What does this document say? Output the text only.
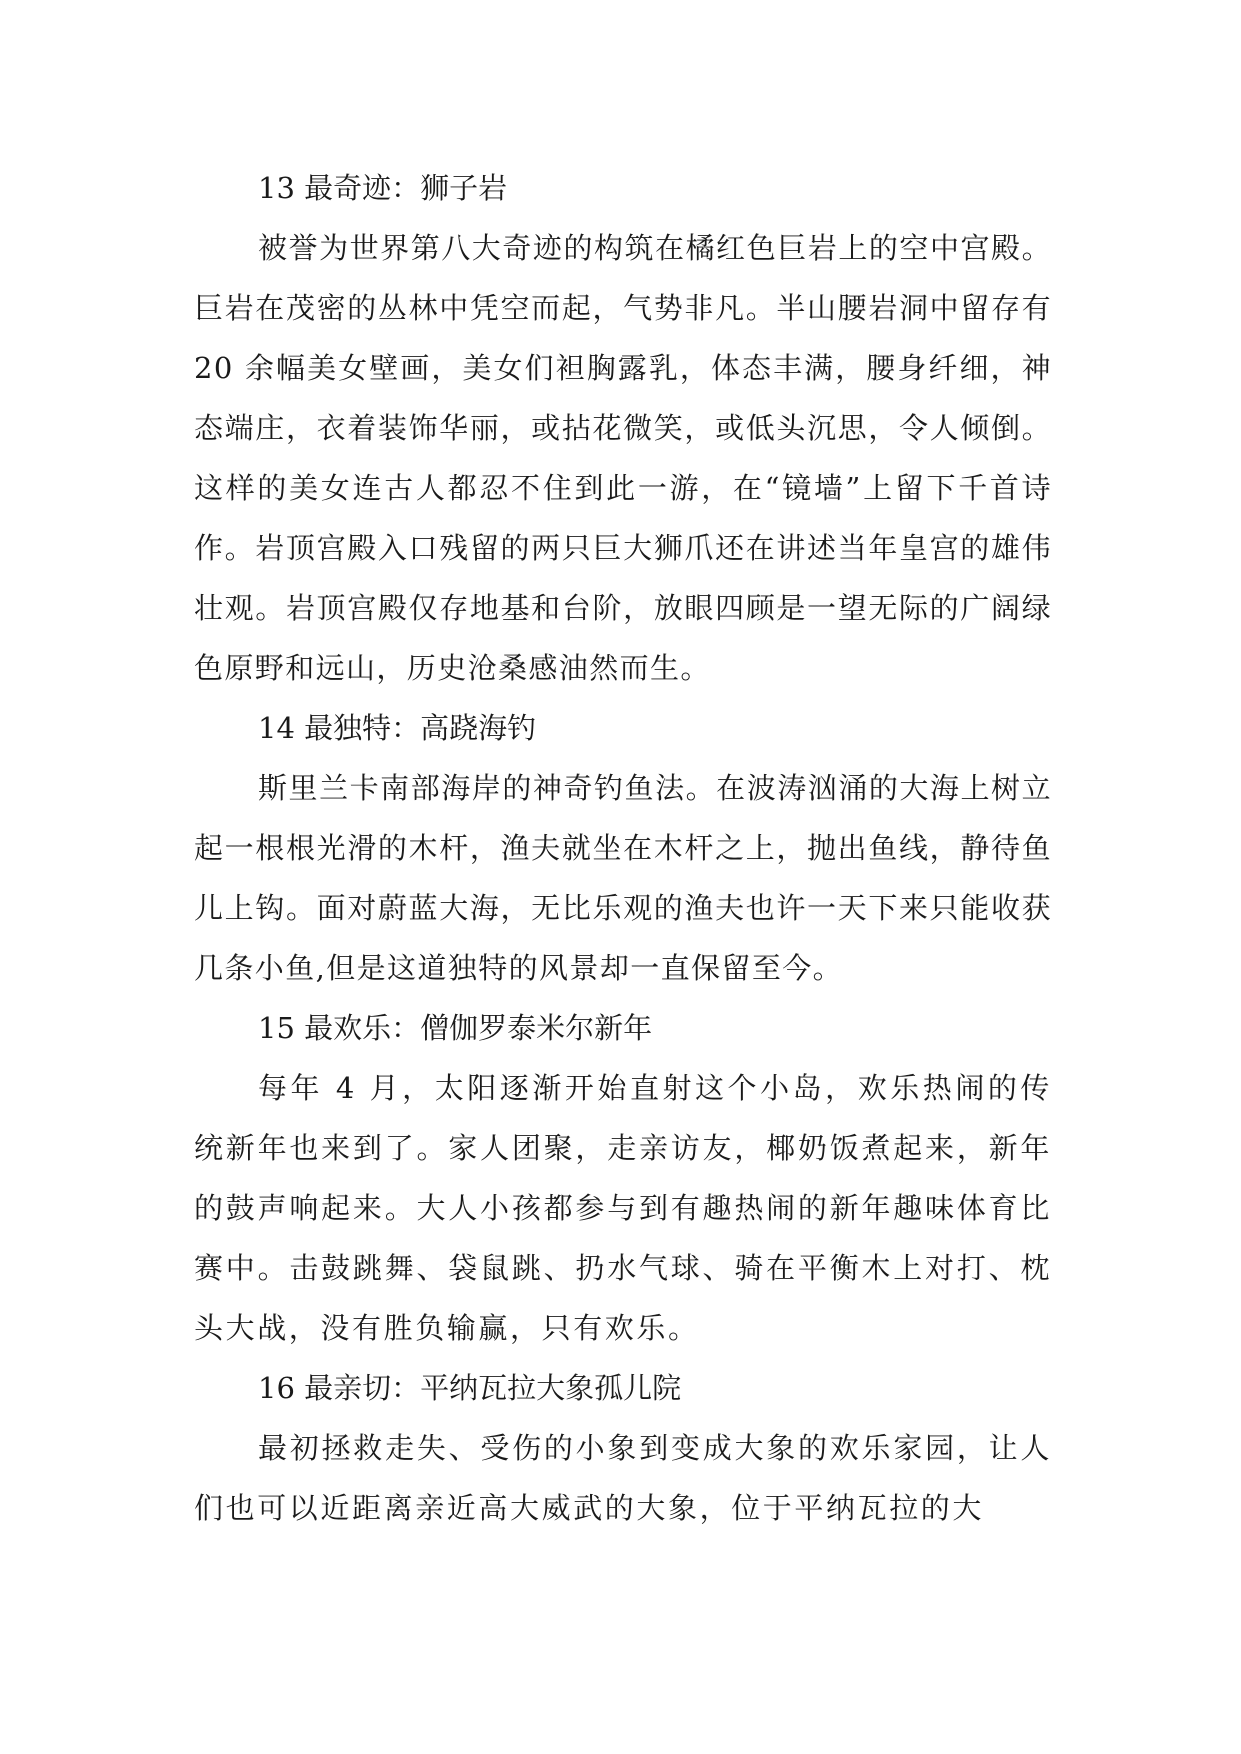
13 最奇迹：狮子岩

被誉为世界第八大奇迹的构筑在橘红色巨岩上的空中宫殿。巨岩在茂密的丛林中凭空而起，气势非凡。半山腰岩洞中留存有 20 余幅美女壁画，美女们袒胸露乳，体态丰满，腰身纤细，神态端庄，衣着装饰华丽，或拈花微笑，或低头沉思，令人倾倒。这样的美女连古人都忍不住到此一游，在“镜墙”上留下千首诗作。岩顶宫殿入口残留的两只巨大狮爪还在讲述当年皇宫的雄伟壮观。岩顶宫殿仅存地基和台阶，放眼四顾是一望无际的广阔绿色原野和远山，历史沧桑感油然而生。

14 最独特：高跷海钓

斯里兰卡南部海岸的神奇钓鱼法。在波涛汹涌的大海上树立起一根根光滑的木杆，渔夫就坐在木杆之上，抛出鱼线，静待鱼儿上钩。面对蔚蓝大海，无比乐观的渔夫也许一天下来只能收获几条小鱼,但是这道独特的风景却一直保留至今。

15 最欢乐：僧伽罗泰米尔新年

每年 4 月，太阳逐渐开始直射这个小岛，欢乐热闹的传统新年也来到了。家人团聚，走亲访友，椰奶饭煮起来，新年的鼓声响起来。大人小孩都参与到有趣热闹的新年趣味体育比赛中。击鼓跳舞、袋鼠跳、扔水气球、骑在平衡木上对打、枕头大战，没有胜负输赢，只有欢乐。

16 最亲切：平纳瓦拉大象孤儿院

最初拯救走失、受伤的小象到变成大象的欢乐家园，让人们也可以近距离亲近高大威武的大象，位于平纳瓦拉的大
